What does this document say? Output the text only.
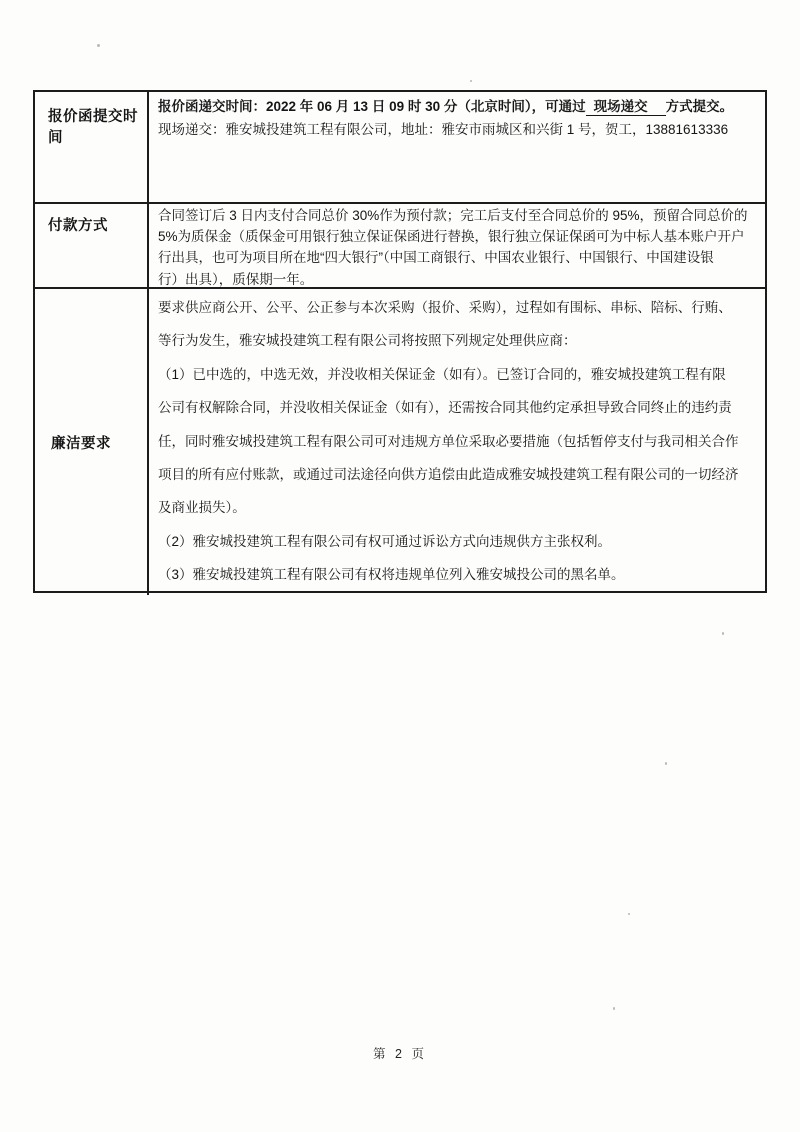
报价函提交时间
报价函递交时间：2022 年 06 月 13 日 09 时 30 分（北京时间），可通过 现场递交 方式提交。
现场递交：雅安城投建筑工程有限公司，地址：雅安市雨城区和兴街 1 号，贺工，13881613336
付款方式
合同签订后 3 日内支付合同总价 30%作为预付款；完工后支付至合同总价的 95%，预留合同总价的
5%为质保金（质保金可用银行独立保证保函进行替换，银行独立保证保函可为中标人基本账户开户
行出具，也可为项目所在地“四大银行”（中国工商银行、中国农业银行、中国银行、中国建设银
行）出具），质保期一年。
廉洁要求
要求供应商公开、公平、公正参与本次采购（报价、采购），过程如有围标、串标、陪标、行贿、
等行为发生，雅安城投建筑工程有限公司将按照下列规定处理供应商：
（1）已中选的，中选无效，并没收相关保证金（如有）。已签订合同的，雅安城投建筑工程有限
公司有权解除合同，并没收相关保证金（如有），还需按合同其他约定承担导致合同终止的违约责
任，同时雅安城投建筑工程有限公司可对违规方单位采取必要措施（包括暂停支付与我司相关合作
项目的所有应付账款，或通过司法途径向供方追偿由此造成雅安城投建筑工程有限公司的一切经济
及商业损失）。
（2）雅安城投建筑工程有限公司有权可通过诉讼方式向违规供方主张权利。
（3）雅安城投建筑工程有限公司有权将违规单位列入雅安城投公司的黑名单。
第 2 页
